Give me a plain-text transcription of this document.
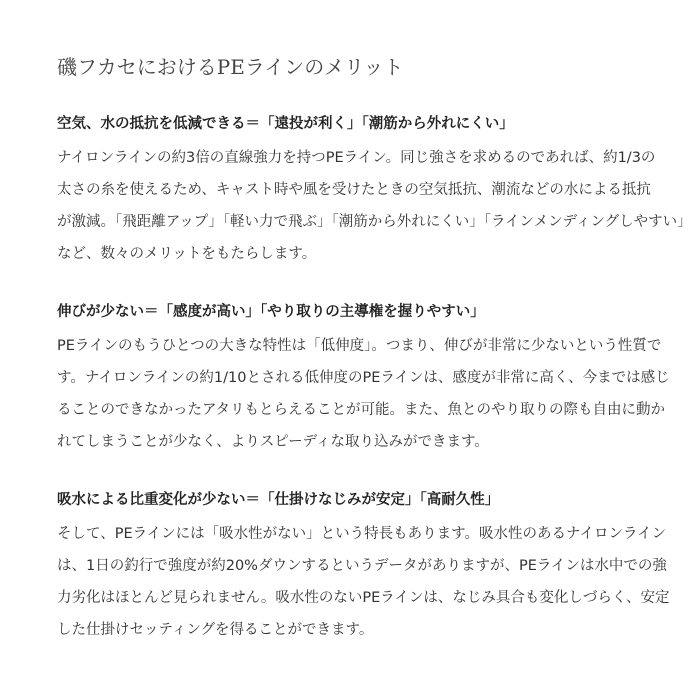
磯フカセにおけるPEラインのメリット
空気、水の抵抗を低減できる＝「遠投が利く」「潮筋から外れにくい」
ナイロンラインの約3倍の直線強力を持つPEライン。同じ強さを求めるのであれば、約1/3の
太さの糸を使えるため、キャスト時や風を受けたときの空気抵抗、潮流などの水による抵抗
が激減。「飛距離アップ」「軽い力で飛ぶ」「潮筋から外れにくい」「ラインメンディングしやすい」
など、数々のメリットをもたらします。
伸びが少ない＝「感度が高い」「やり取りの主導権を握りやすい」
PEラインのもうひとつの大きな特性は「低伸度」。つまり、伸びが非常に少ないという性質で
す。ナイロンラインの約1/10とされる低伸度のPEラインは、感度が非常に高く、今までは感じ
ることのできなかったアタリもとらえることが可能。また、魚とのやり取りの際も自由に動か
れてしまうことが少なく、よりスピーディな取り込みができます。
吸水による比重変化が少ない＝「仕掛けなじみが安定」「高耐久性」
そして、PEラインには「吸水性がない」という特長もあります。吸水性のあるナイロンライン
は、1日の釣行で強度が約20%ダウンするというデータがありますが、PEラインは水中での強
力劣化はほとんど見られません。吸水性のないPEラインは、なじみ具合も変化しづらく、安定
した仕掛けセッティングを得ることができます。
